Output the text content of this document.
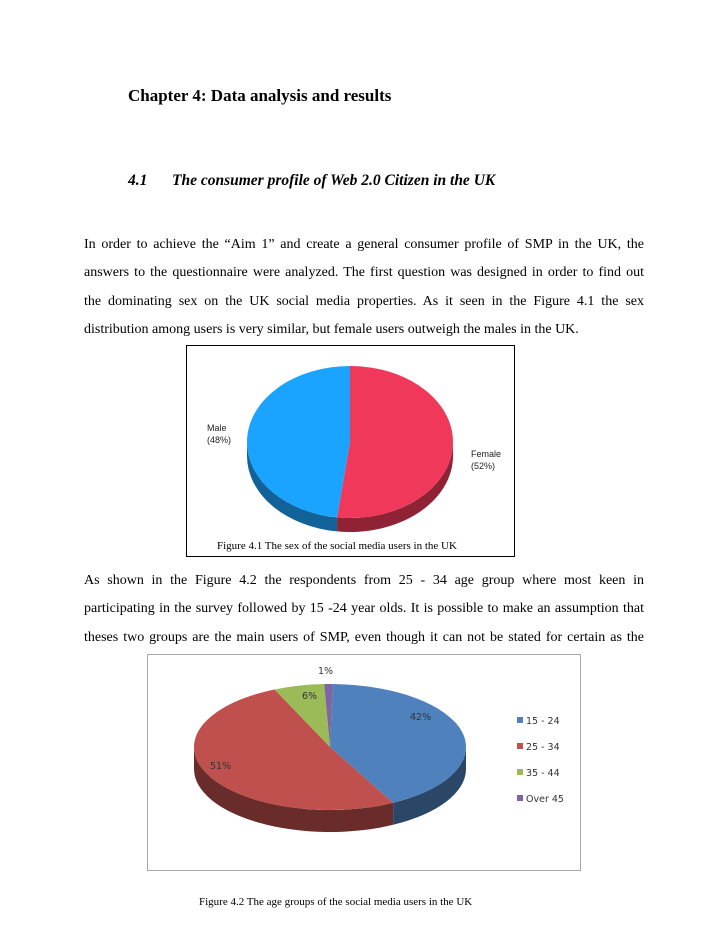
Chapter 4: Data analysis and results
4.1 The consumer profile of Web 2.0 Citizen in the UK
In order to achieve the “Aim 1” and create a general consumer profile of SMP in the UK, the
answers to the questionnaire were analyzed. The first question was designed in order to find out
the dominating sex on the UK social media properties. As it seen in the Figure 4.1 the sex
distribution among users is very similar, but female users outweigh the males in the UK.
Male
(48%)
Female
(52%)
Figure 4.1 The sex of the social media users in the UK
As shown in the Figure 4.2 the respondents from 25 - 34 age group where most keen in
participating in the survey followed by 15 -24 year olds. It is possible to make an assumption that
theses two groups are the main users of SMP, even though it can not be stated for certain as the
42%
51%
6%
1%
15 - 24
25 - 34
35 - 44
Over 45
Figure 4.2 The age groups of the social media users in the UK
